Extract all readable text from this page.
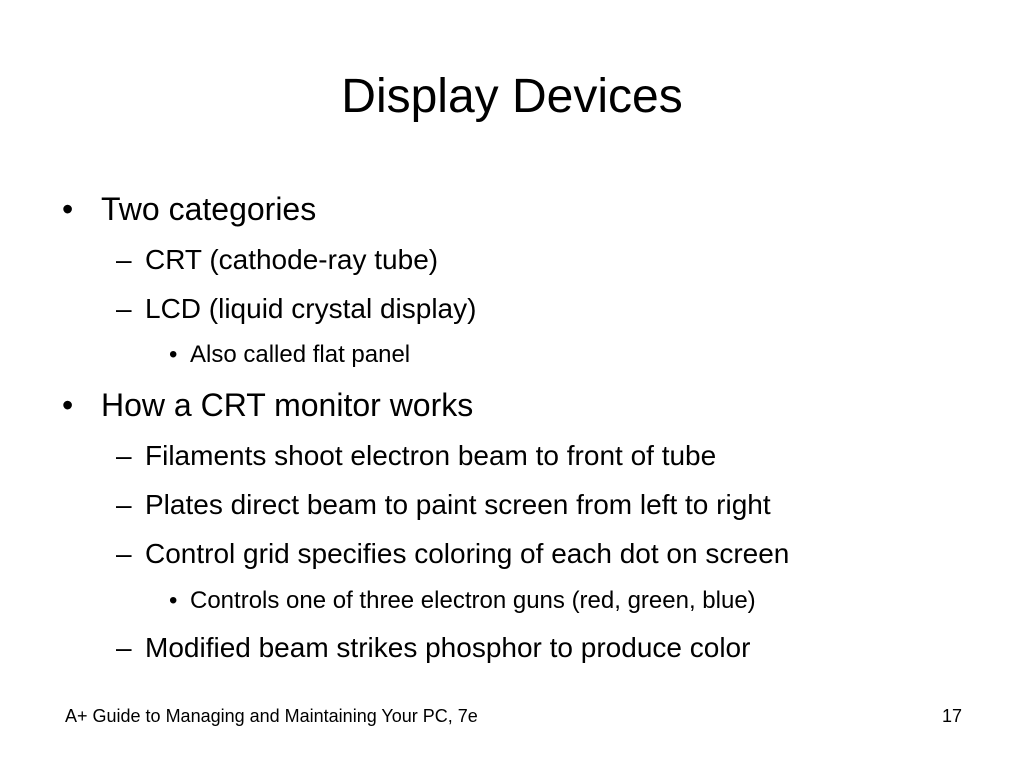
Display Devices
• Two categories
– CRT (cathode-ray tube)
– LCD (liquid crystal display)
• Also called flat panel
• How a CRT monitor works
– Filaments shoot electron beam to front of tube
– Plates direct beam to paint screen from left to right
– Control grid specifies coloring of each dot on screen
• Controls one of three electron guns (red, green, blue)
– Modified beam strikes phosphor to produce color
A+ Guide to Managing and Maintaining Your PC, 7e	17
